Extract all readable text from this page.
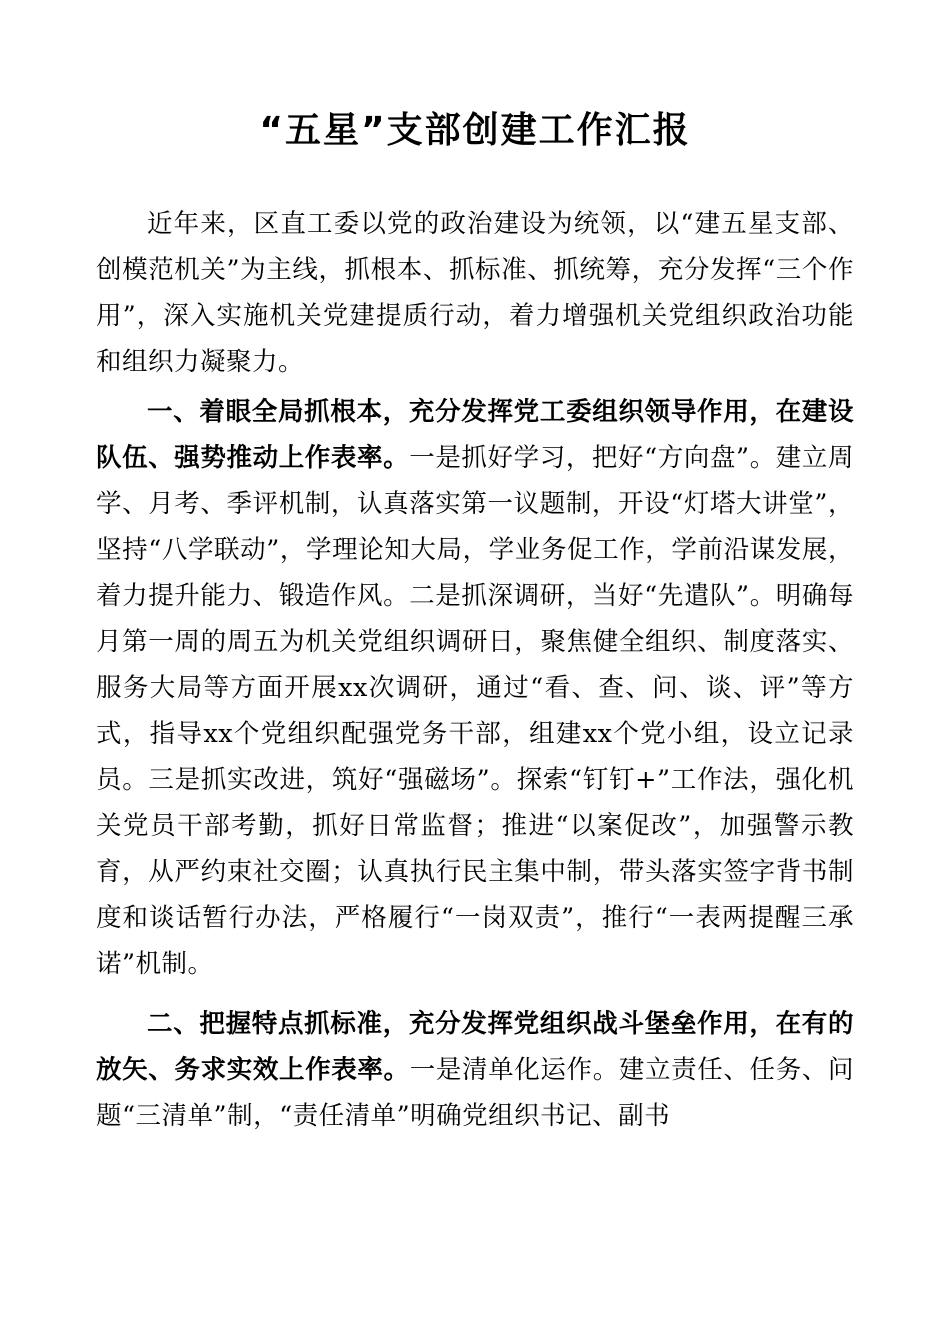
“五星”支部创建工作汇报

近年来，区直工委以党的政治建设为统领，以“建五星支部、创模范机关”为主线，抓根本、抓标准、抓统筹，充分发挥“三个作用”，深入实施机关党建提质行动，着力增强机关党组织政治功能和组织力凝聚力。

一、着眼全局抓根本，充分发挥党工委组织领导作用，在建设队伍、强势推动上作表率。一是抓好学习，把好“方向盘”。建立周学、月考、季评机制，认真落实第一议题制，开设“灯塔大讲堂”，坚持“八学联动”，学理论知大局，学业务促工作，学前沿谋发展，着力提升能力、锻造作风。二是抓深调研，当好“先遣队”。明确每月第一周的周五为机关党组织调研日，聚焦健全组织、制度落实、服务大局等方面开展xx次调研，通过“看、查、问、谈、评”等方式，指导xx个党组织配强党务干部，组建xx个党小组，设立记录员。三是抓实改进，筑好“强磁场”。探索“钉钉+”工作法，强化机关党员干部考勤，抓好日常监督；推进“以案促改”，加强警示教育，从严约束社交圈；认真执行民主集中制，带头落实签字背书制度和谈话暂行办法，严格履行“一岗双责”，推行“一表两提醒三承诺”机制。

二、把握特点抓标准，充分发挥党组织战斗堡垒作用，在有的放矢、务求实效上作表率。一是清单化运作。建立责任、任务、问题“三清单”制，“责任清单”明确党组织书记、副书
